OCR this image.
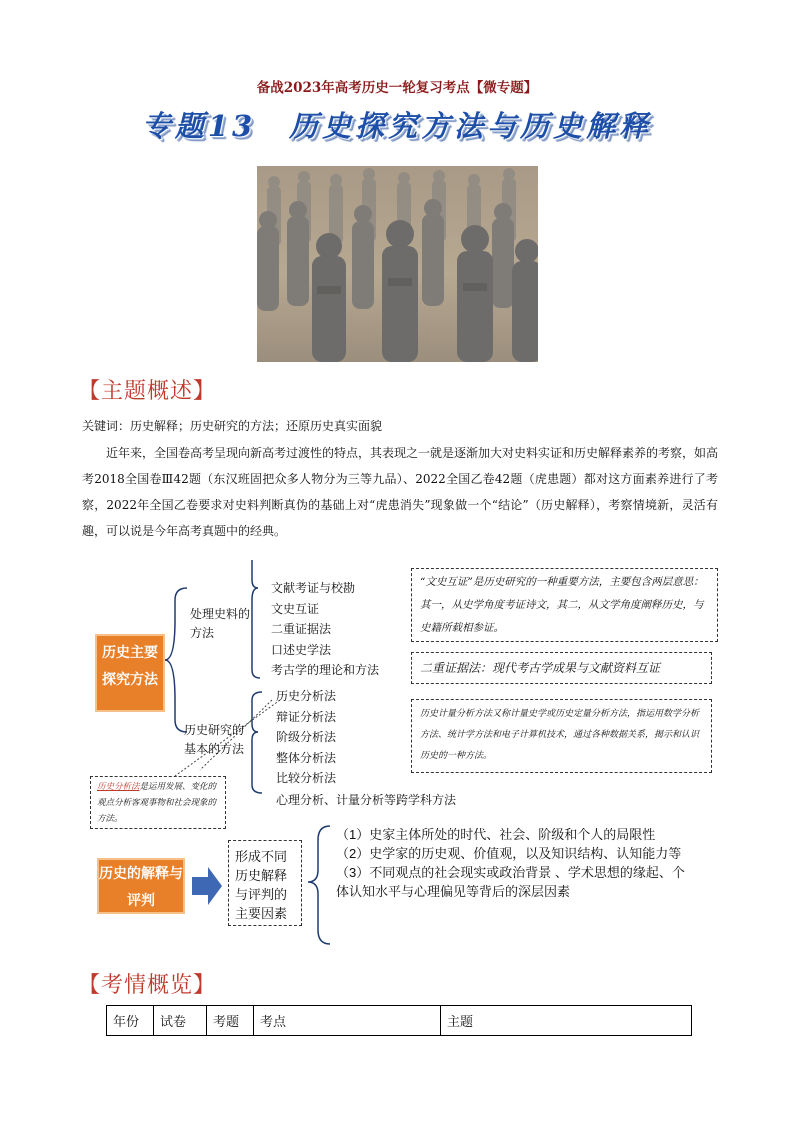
备战2023年高考历史一轮复习考点【微专题】
专题13　历史探究方法与历史解释
【主题概述】
关键词：历史解释；历史研究的方法；还原历史真实面貌
近年来，全国卷高考呈现向新高考过渡性的特点，其表现之一就是逐渐加大对史料实证和历史解释素养的考察，如高考2018全国卷Ⅲ42题（东汉班固把众多人物分为三等九品）、2022全国乙卷42题（虎患题）都对这方面素养进行了考察，2022年全国乙卷要求对史料判断真伪的基础上对“虎患消失”现象做一个“结论”（历史解释），考察情境新，灵活有趣，可以说是今年高考真题中的经典。
历史主要探究方法
历史的解释与评判
处理史料的方法
历史研究的基本的方法
文献考证与校勘
文史互证
二重证据法
口述史学法
考古学的理论和方法
历史分析法
辩证分析法
阶级分析法
整体分析法
比较分析法
心理分析、计量分析等跨学科方法
“文史互证”是历史研究的一种重要方法，主要包含两层意思：其一，从史学角度考证诗文，其二，从文学角度阐释历史，与史籍所载相参证。
二重证据法：现代考古学成果与文献资料互证
历史计量分析方法又称计量史学或历史定量分析方法，指运用数学分析方法、统计学方法和电子计算机技术，通过各种数据关系，揭示和认识历史的一种方法。
历史分析法是运用发展、变化的观点分析客观事物和社会现象的方法。
形成不同历史解释与评判的主要因素
（1）史家主体所处的时代、社会、阶级和个人的局限性
（2）史学家的历史观、价值观，以及知识结构、认知能力等
（3）不同观点的社会现实或政治背景 、学术思想的缘起、个体认知水平与心理偏见等背后的深层因素
【考情概览】
年份	试卷	考题	考点	主题
